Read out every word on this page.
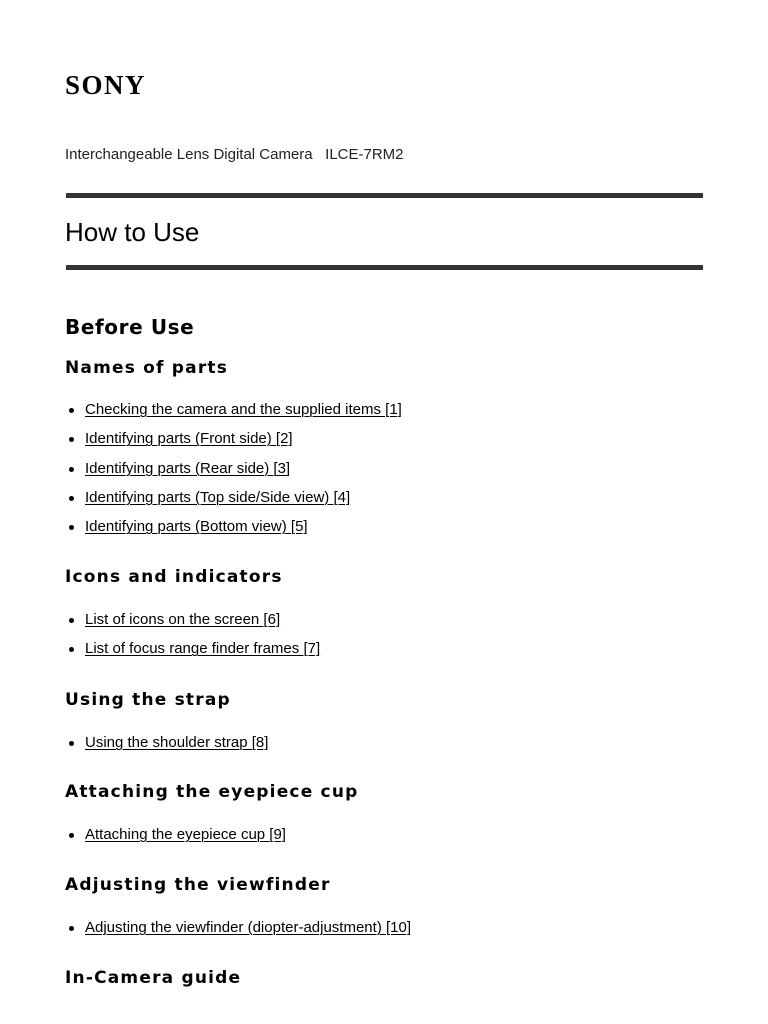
SONY
Interchangeable Lens Digital Camera   ILCE-7RM2
How to Use
Before Use
Names of parts
Checking the camera and the supplied items [1]
Identifying parts (Front side) [2]
Identifying parts (Rear side) [3]
Identifying parts (Top side/Side view) [4]
Identifying parts (Bottom view) [5]
Icons and indicators
List of icons on the screen [6]
List of focus range finder frames [7]
Using the strap
Using the shoulder strap [8]
Attaching the eyepiece cup
Attaching the eyepiece cup [9]
Adjusting the viewfinder
Adjusting the viewfinder (diopter-adjustment) [10]
In-Camera guide
